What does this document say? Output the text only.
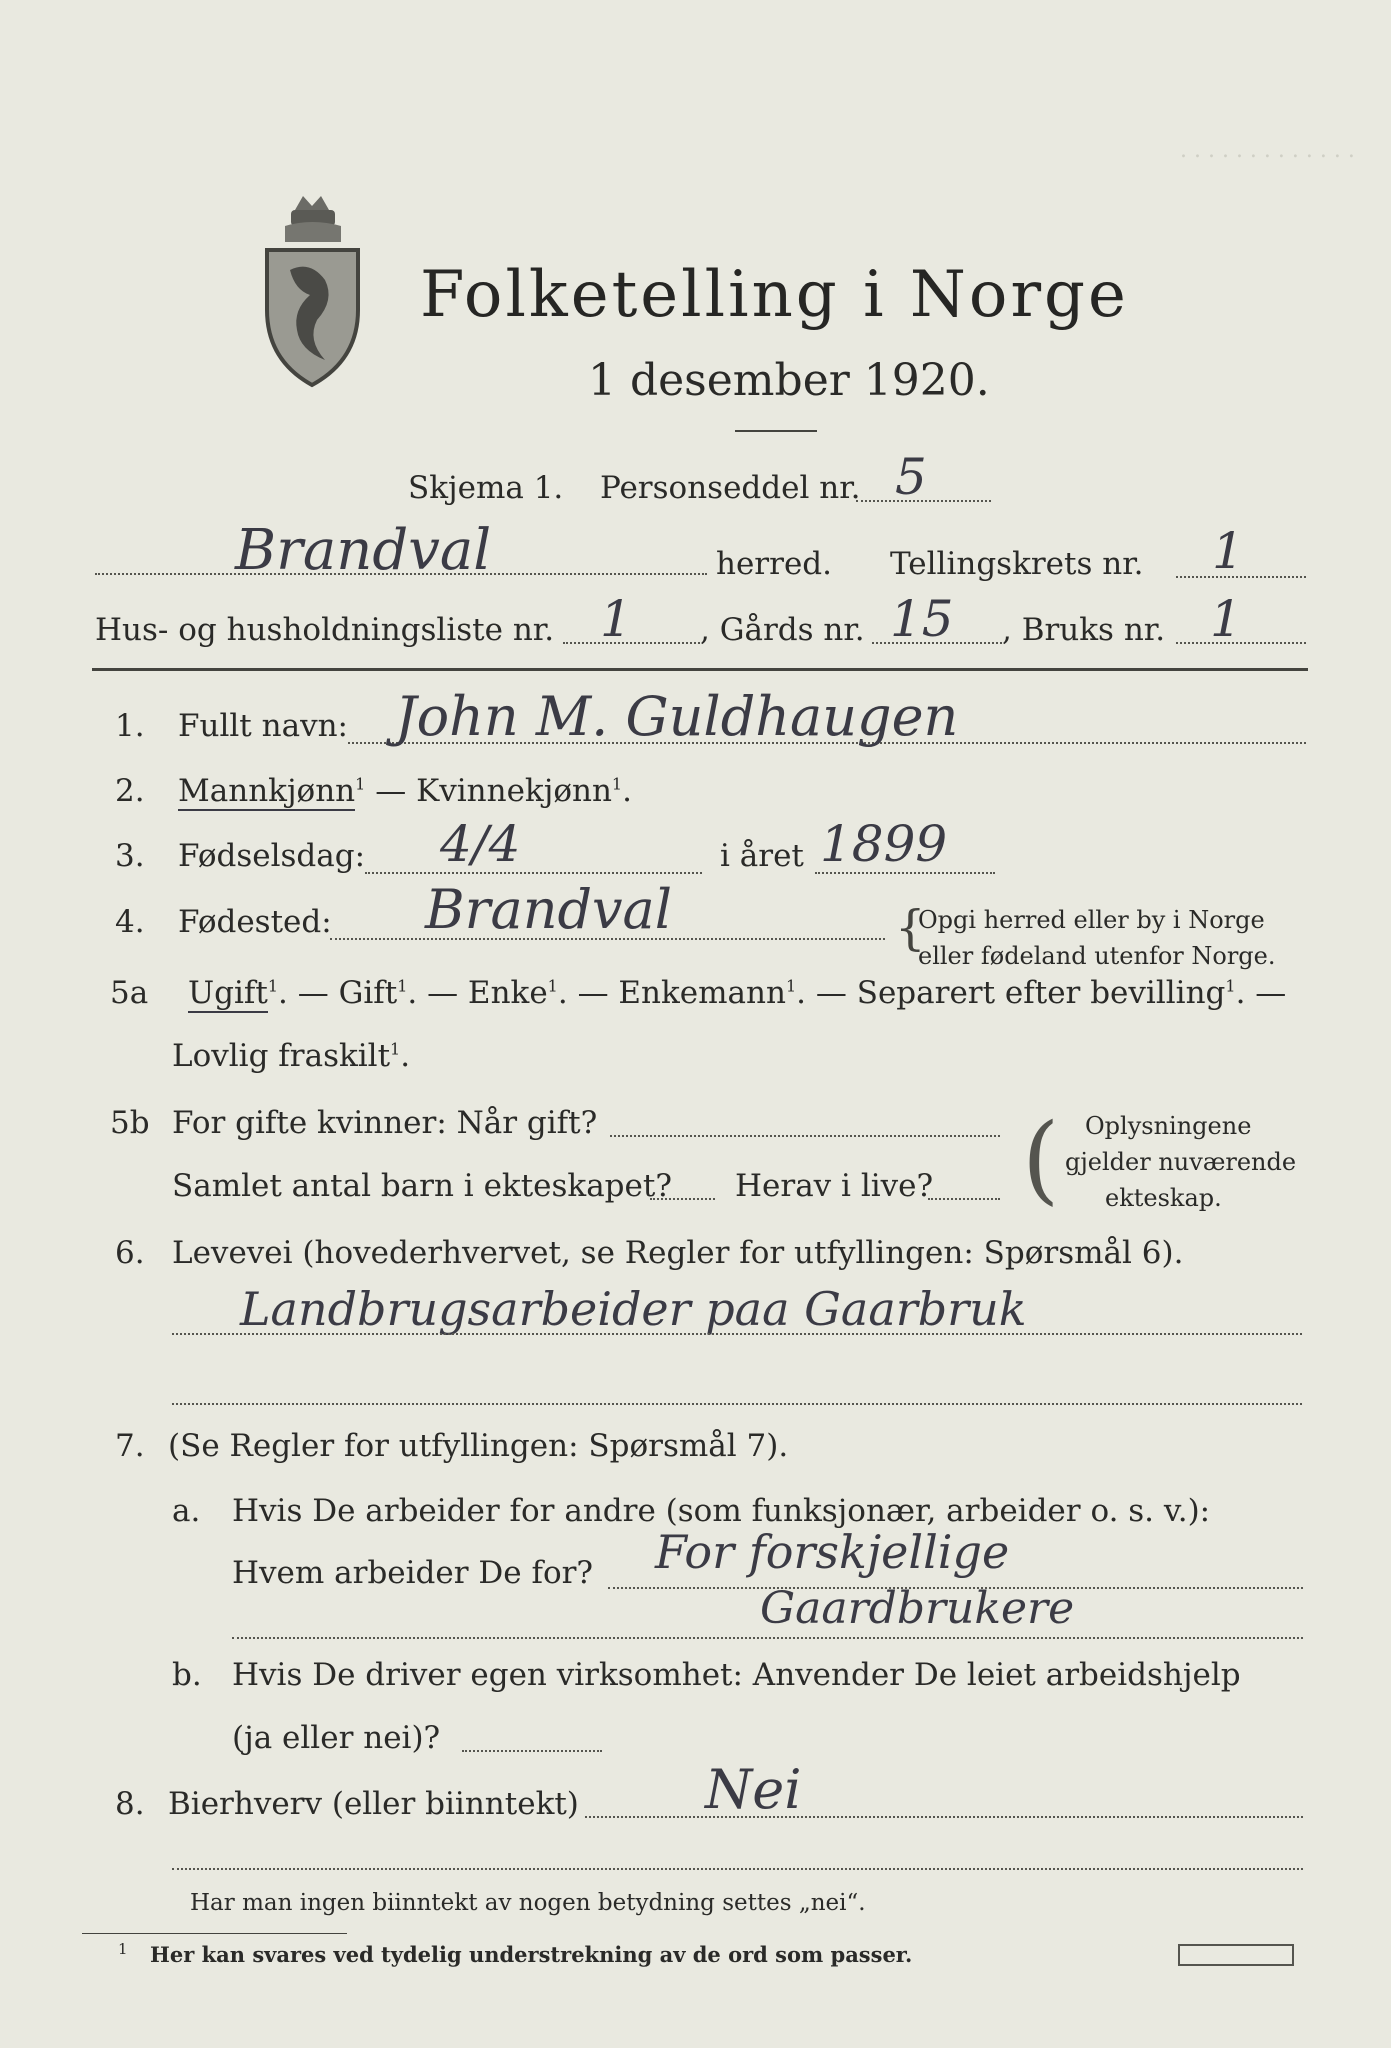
. . . . . . . . . . . . .
Folketelling i Norge
1 desember 1920.
Skjema 1. Personseddel nr. 5
Brandval	herred. Tellingskrets nr. 1
Hus- og husholdningsliste nr. 1 , Gårds nr. 15 , Bruks nr. 1
1. Fullt navn: John M. Guldhaugen
2. Mannkjønn$^1$ — Kvinnekjønn$^1$.
3. Fødselsdag: 4/4	i året 1899
4. Fødested: Brandval	{
Opgi herred eller by i Norge
eller fødeland utenfor Norge.
5a Ugift$^1$. — Gift$^1$. — Enke$^1$. — Enkemann$^1$. — Separert efter bevilling$^1$. —
Lovlig fraskilt$^1$.
5b For gifte kvinner: Når gift?
Samlet antal barn i ekteskapet? Herav i live? ( Oplysningene
gjelder nuværende
ekteskap.
6. Levevei (hovederhvervet, se Regler for utfyllingen: Spørsmål 6).
Landbrugsarbeider paa Gaarbruk
7. (Se Regler for utfyllingen: Spørsmål 7).
a. Hvis De arbeider for andre (som funksjonær, arbeider o. s. v.):
Hvem arbeider De for? For forskjellige
Gaardbrukere
b. Hvis De driver egen virksomhet: Anvender De leiet arbeidshjelp
(ja eller nei)?
8. Bierhverv (eller biinntekt) Nei
Har man ingen biinntekt av nogen betydning settes „nei“.
1 Her kan svares ved tydelig understrekning av de ord som passer.
